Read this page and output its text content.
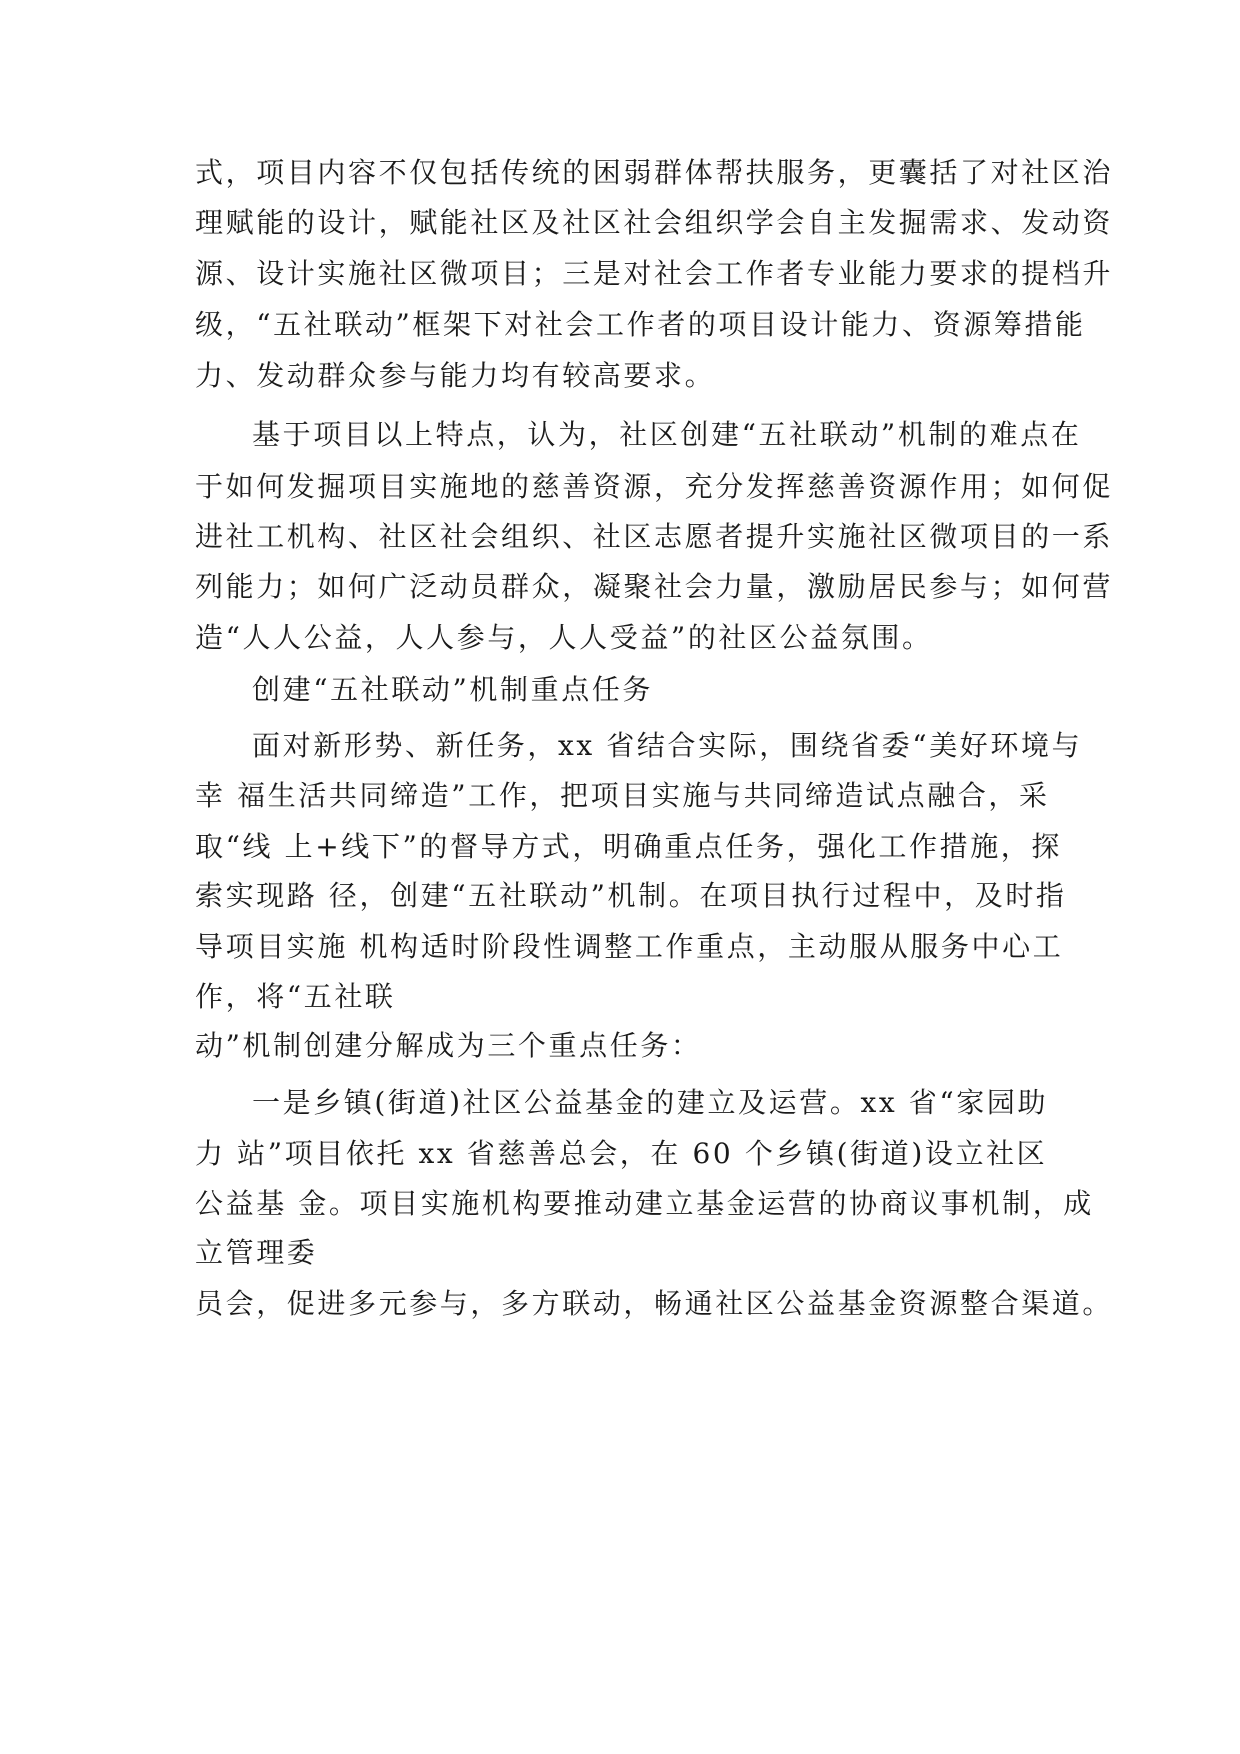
式，项目内容不仅包括传统的困弱群体帮扶服务，更囊括了对社区治

理赋能的设计，赋能社区及社区社会组织学会自主发掘需求、发动资

源、设计实施社区微项目；三是对社会工作者专业能力要求的提档升

级，“五社联动”框架下对社会工作者的项目设计能力、资源筹措能

力、发动群众参与能力均有较高要求。

基于项目以上特点，认为，社区创建“五社联动”机制的难点在

于如何发掘项目实施地的慈善资源，充分发挥慈善资源作用；如何促

进社工机构、社区社会组织、社区志愿者提升实施社区微项目的一系

列能力；如何广泛动员群众，凝聚社会力量，激励居民参与；如何营

造“人人公益，人人参与，人人受益”的社区公益氛围。

创建“五社联动”机制重点任务

面对新形势、新任务，xx 省结合实际，围绕省委“美好环境与

幸 福生活共同缔造”工作，把项目实施与共同缔造试点融合，采

取“线 上+线下”的督导方式，明确重点任务，强化工作措施，探

索实现路 径，创建“五社联动”机制。在项目执行过程中，及时指

导项目实施 机构适时阶段性调整工作重点，主动服从服务中心工

作，将“五社联

动”机制创建分解成为三个重点任务：

一是乡镇(街道)社区公益基金的建立及运营。xx 省“家园助

力 站”项目依托 xx 省慈善总会，在 60 个乡镇(街道)设立社区

公益基 金。项目实施机构要推动建立基金运营的协商议事机制，成

立管理委

员会，促进多元参与，多方联动，畅通社区公益基金资源整合渠道。
